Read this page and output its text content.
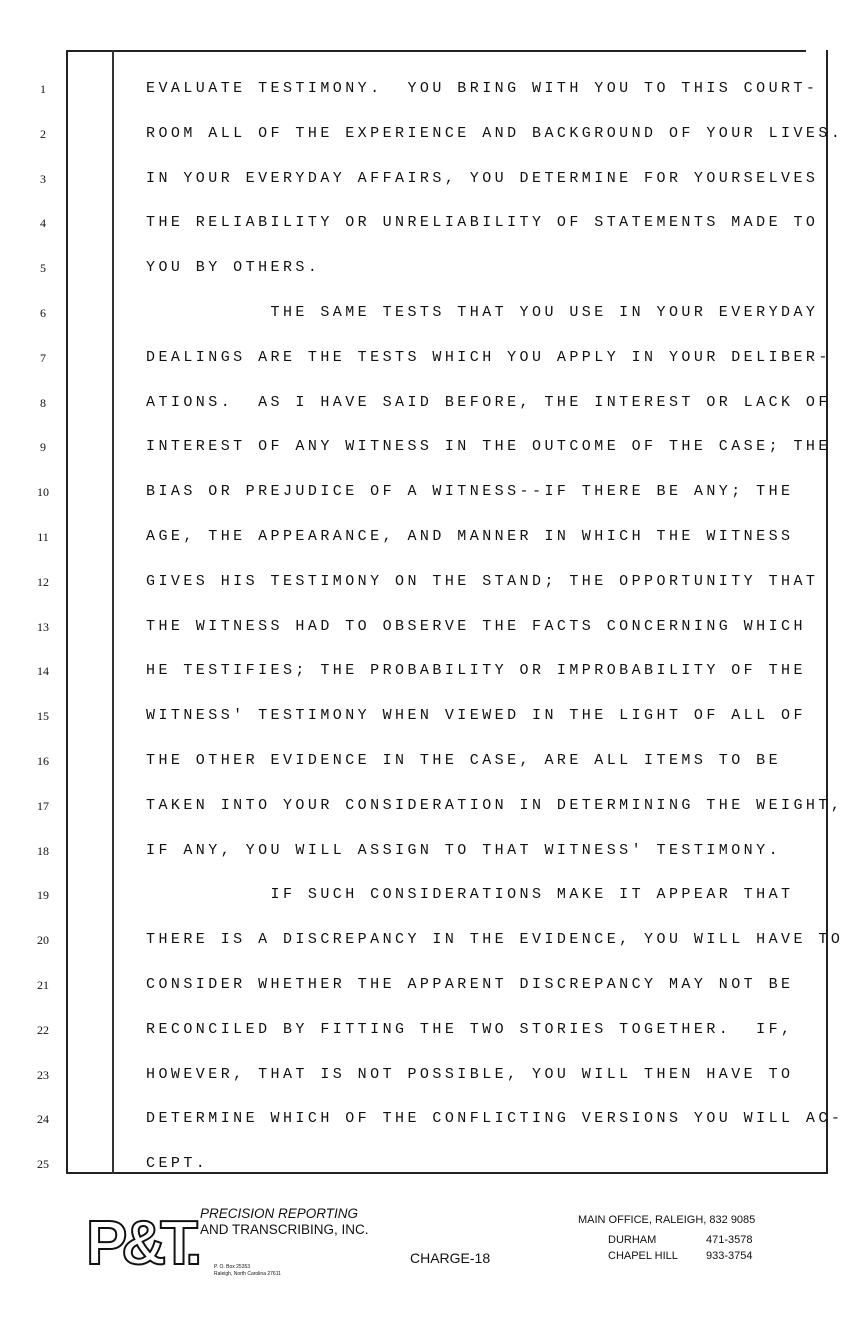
1	EVALUATE TESTIMONY.  YOU BRING WITH YOU TO THIS COURT-
2	ROOM ALL OF THE EXPERIENCE AND BACKGROUND OF YOUR LIVES.
3	IN YOUR EVERYDAY AFFAIRS, YOU DETERMINE FOR YOURSELVES
4	THE RELIABILITY OR UNRELIABILITY OF STATEMENTS MADE TO
5	YOU BY OTHERS.
6	THE SAME TESTS THAT YOU USE IN YOUR EVERYDAY
7	DEALINGS ARE THE TESTS WHICH YOU APPLY IN YOUR DELIBER-
8	ATIONS.  AS I HAVE SAID BEFORE, THE INTEREST OR LACK OF
9	INTEREST OF ANY WITNESS IN THE OUTCOME OF THE CASE; THE
10	BIAS OR PREJUDICE OF A WITNESS--IF THERE BE ANY; THE
11	AGE, THE APPEARANCE, AND MANNER IN WHICH THE WITNESS
12	GIVES HIS TESTIMONY ON THE STAND; THE OPPORTUNITY THAT
13	THE WITNESS HAD TO OBSERVE THE FACTS CONCERNING WHICH
14	HE TESTIFIES; THE PROBABILITY OR IMPROBABILITY OF THE
15	WITNESS' TESTIMONY WHEN VIEWED IN THE LIGHT OF ALL OF
16	THE OTHER EVIDENCE IN THE CASE, ARE ALL ITEMS TO BE
17	TAKEN INTO YOUR CONSIDERATION IN DETERMINING THE WEIGHT,
18	IF ANY, YOU WILL ASSIGN TO THAT WITNESS' TESTIMONY.
19	IF SUCH CONSIDERATIONS MAKE IT APPEAR THAT
20	THERE IS A DISCREPANCY IN THE EVIDENCE, YOU WILL HAVE TO
21	CONSIDER WHETHER THE APPARENT DISCREPANCY MAY NOT BE
22	RECONCILED BY FITTING THE TWO STORIES TOGETHER.  IF,
23	HOWEVER, THAT IS NOT POSSIBLE, YOU WILL THEN HAVE TO
24	DETERMINE WHICH OF THE CONFLICTING VERSIONS YOU WILL AC-
25	CEPT.
P&T. PRECISION REPORTING
AND TRANSCRIBING, INC.
P. O. Box 25353
Raleigh, North Carolina 27611
CHARGE-18
MAIN OFFICE, RALEIGH, 832 9085
DURHAM	471-3578
CHAPEL HILL	933-3754
